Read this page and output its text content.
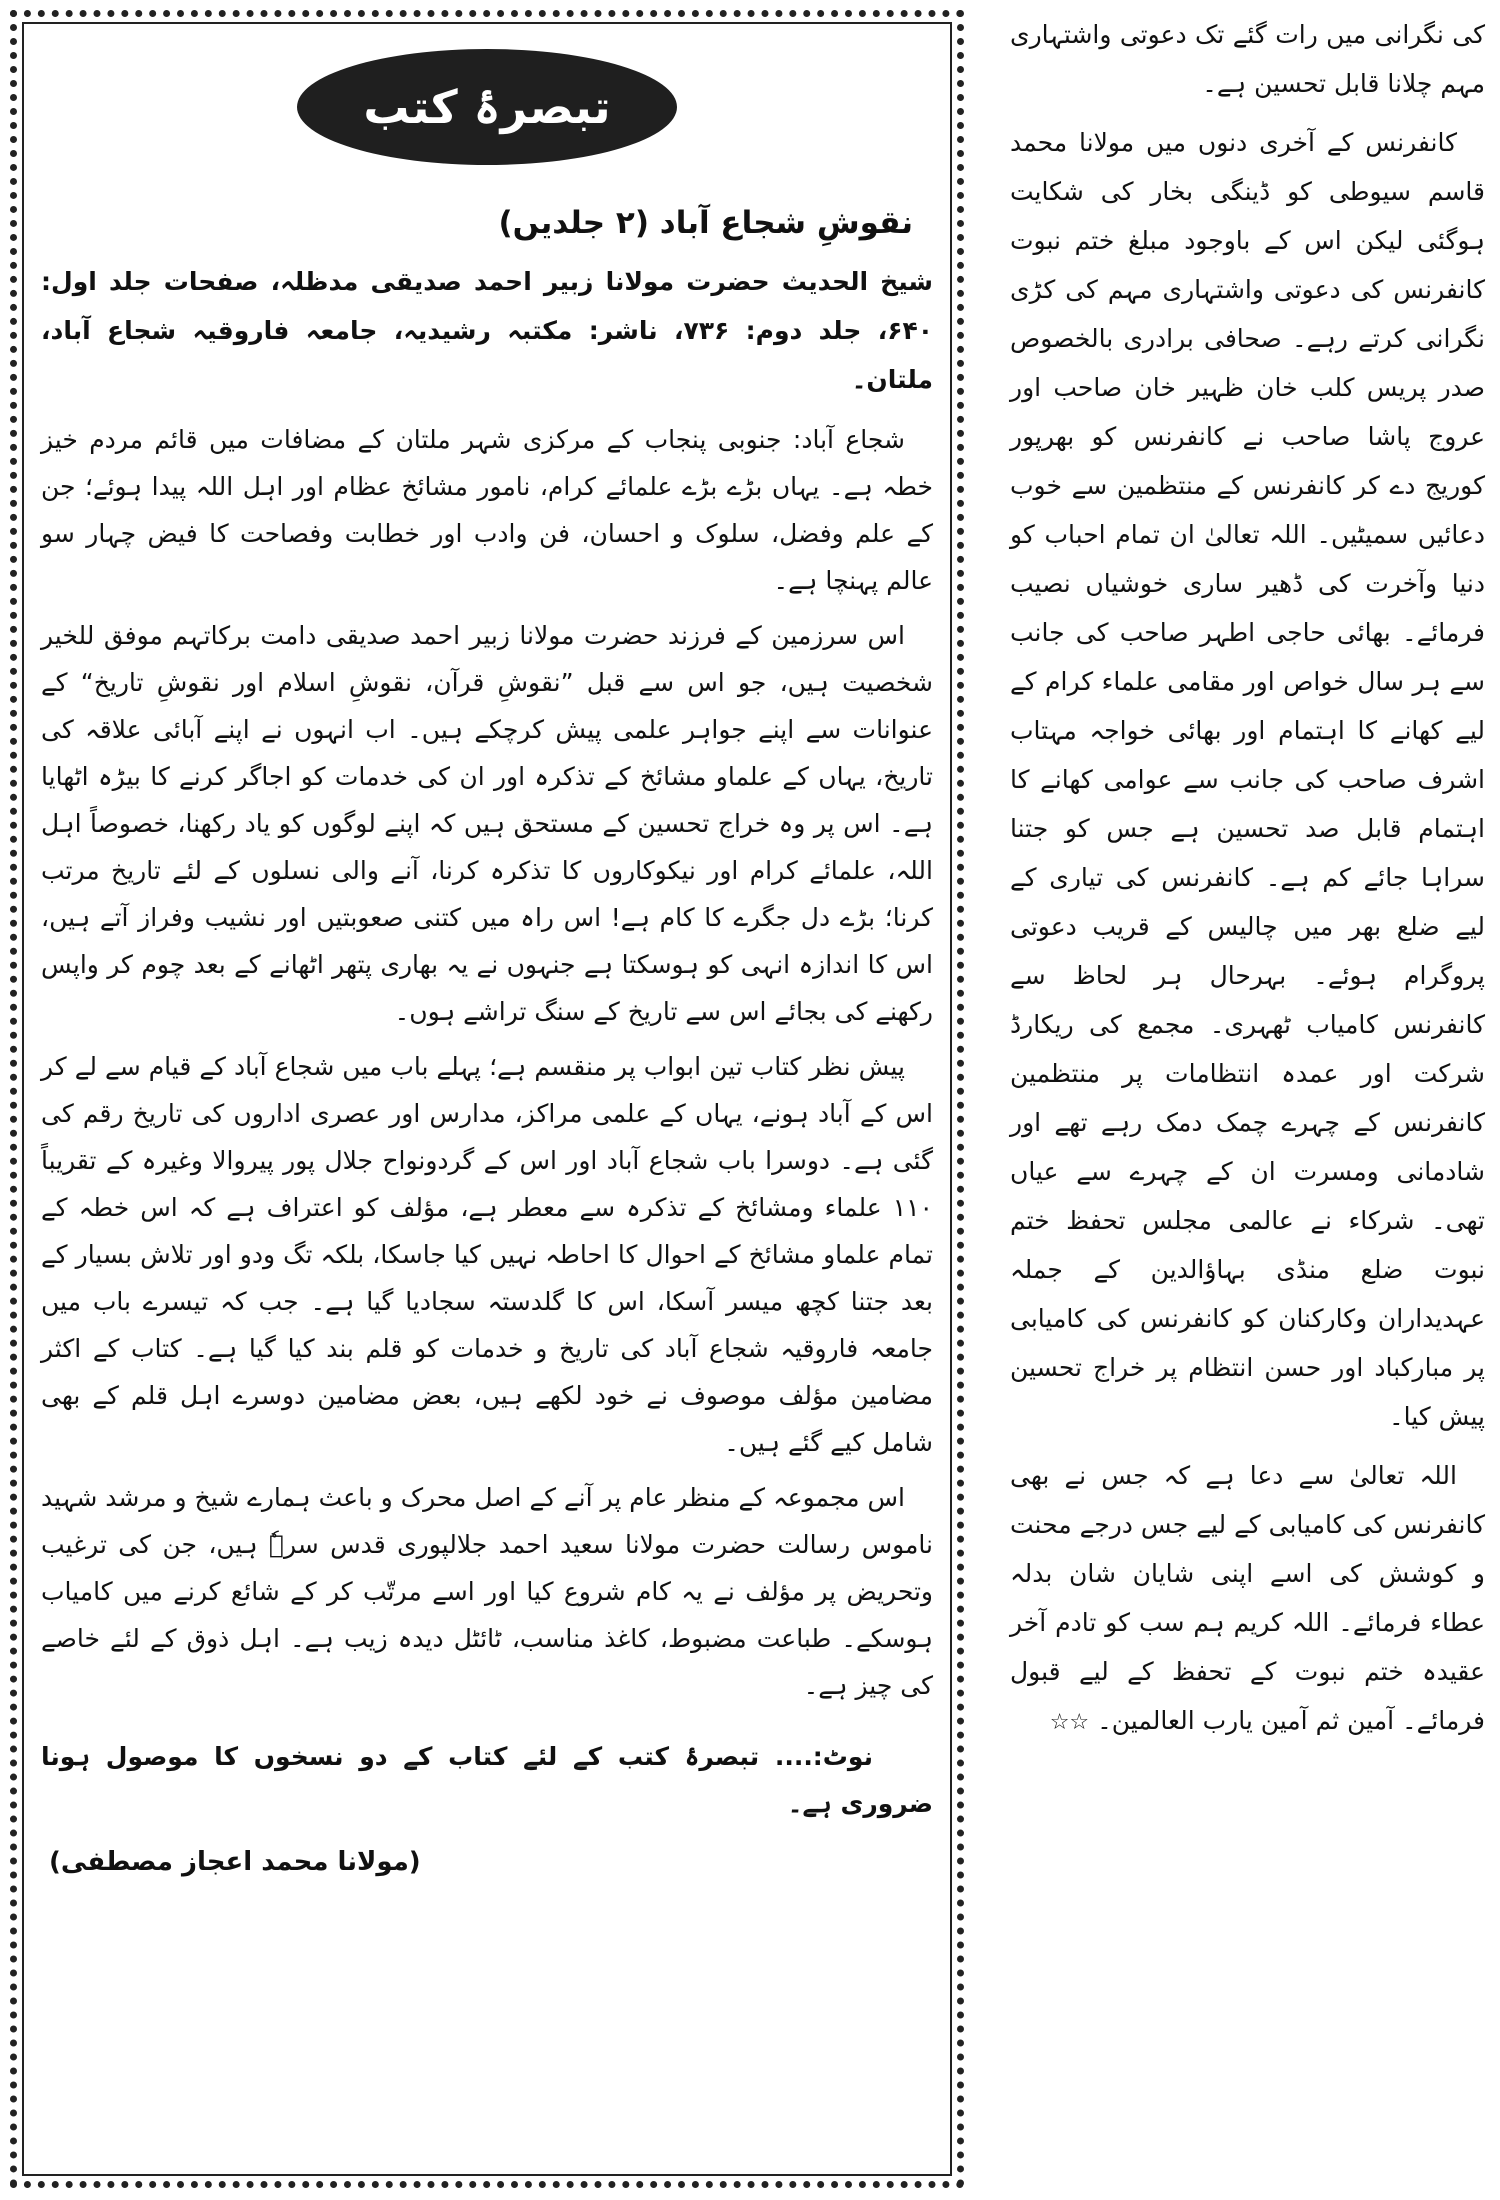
تبصرۂ کتب
نقوشِ شجاع آباد (۲ جلدیں)
شیخ الحدیث حضرت مولانا زبیر احمد صدیقی مدظلہ، صفحات جلد اول: ۶۴۰، جلد دوم: ۷۳۶، ناشر: مکتبہ رشیدیہ، جامعہ فاروقیہ شجاع آباد، ملتان۔

شجاع آباد: جنوبی پنجاب کے مرکزی شہر ملتان کے مضافات میں قائم مردم خیز خطہ ہے۔ یہاں بڑے بڑے علمائے کرام، نامور مشائخ عظام اور اہل اللہ پیدا ہوئے؛ جن کے علم وفضل، سلوک و احسان، فن وادب اور خطابت وفصاحت کا فیض چہار سو عالم پہنچا ہے۔

اس سرزمین کے فرزند حضرت مولانا زبیر احمد صدیقی دامت برکاتہم موفق للخیر شخصیت ہیں، جو اس سے قبل ”نقوشِ قرآن، نقوشِ اسلام اور نقوشِ تاریخ“ کے عنوانات سے اپنے جواہر علمی پیش کرچکے ہیں۔ اب انہوں نے اپنے آبائی علاقہ کی تاریخ، یہاں کے علماو مشائخ کے تذکرہ اور ان کی خدمات کو اجاگر کرنے کا بیڑہ اٹھایا ہے۔ اس پر وہ خراج تحسین کے مستحق ہیں کہ اپنے لوگوں کو یاد رکھنا، خصوصاً اہل اللہ، علمائے کرام اور نیکوکاروں کا تذکرہ کرنا، آنے والی نسلوں کے لئے تاریخ مرتب کرنا؛ بڑے دل جگرے کا کام ہے! اس راہ میں کتنی صعوبتیں اور نشیب وفراز آتے ہیں، اس کا اندازہ انہی کو ہوسکتا ہے جنہوں نے یہ بھاری پتھر اٹھانے کے بعد چوم کر واپس رکھنے کی بجائے اس سے تاریخ کے سنگ تراشے ہوں۔

پیش نظر کتاب تین ابواب پر منقسم ہے؛ پہلے باب میں شجاع آباد کے قیام سے لے کر اس کے آباد ہونے، یہاں کے علمی مراکز، مدارس اور عصری اداروں کی تاریخ رقم کی گئی ہے۔ دوسرا باب شجاع آباد اور اس کے گردونواح جلال پور پیروالا وغیرہ کے تقریباً ۱۱۰ علماء ومشائخ کے تذکرہ سے معطر ہے، مؤلف کو اعتراف ہے کہ اس خطہ کے تمام علماو مشائخ کے احوال کا احاطہ نہیں کیا جاسکا، بلکہ تگ ودو اور تلاش بسیار کے بعد جتنا کچھ میسر آسکا، اس کا گلدستہ سجادیا گیا ہے۔ جب کہ تیسرے باب میں جامعہ فاروقیہ شجاع آباد کی تاریخ و خدمات کو قلم بند کیا گیا ہے۔ کتاب کے اکثر مضامین مؤلف موصوف نے خود لکھے ہیں، بعض مضامین دوسرے اہل قلم کے بھی شامل کیے گئے ہیں۔

اس مجموعہ کے منظر عام پر آنے کے اصل محرک و باعث ہمارے شیخ و مرشد شہید ناموس رسالت حضرت مولانا سعید احمد جلالپوری قدس سرہٗ ہیں، جن کی ترغیب وتحریض پر مؤلف نے یہ کام شروع کیا اور اسے مرتّب کر کے شائع کرنے میں کامیاب ہوسکے۔ طباعت مضبوط، کاغذ مناسب، ٹائٹل دیدہ زیب ہے۔ اہل ذوق کے لئے خاصے کی چیز ہے۔

نوٹ:.... تبصرۂ کتب کے لئے کتاب کے دو نسخوں کا موصول ہونا ضروری ہے۔

(مولانا محمد اعجاز مصطفی)

کی نگرانی میں رات گئے تک دعوتی واشتہاری مہم چلانا قابل تحسین ہے۔

کانفرنس کے آخری دنوں میں مولانا محمد قاسم سیوطی کو ڈینگی بخار کی شکایت ہوگئی لیکن اس کے باوجود مبلغ ختم نبوت کانفرنس کی دعوتی واشتہاری مہم کی کڑی نگرانی کرتے رہے۔ صحافی برادری بالخصوص صدر پریس کلب خان ظہیر خان صاحب اور عروج پاشا صاحب نے کانفرنس کو بھرپور کوریج دے کر کانفرنس کے منتظمین سے خوب دعائیں سمیٹیں۔ اللہ تعالیٰ ان تمام احباب کو دنیا وآخرت کی ڈھیر ساری خوشیاں نصیب فرمائے۔ بھائی حاجی اطہر صاحب کی جانب سے ہر سال خواص اور مقامی علماء کرام کے لیے کھانے کا اہتمام اور بھائی خواجہ مہتاب اشرف صاحب کی جانب سے عوامی کھانے کا اہتمام قابل صد تحسین ہے جس کو جتنا سراہا جائے کم ہے۔ کانفرنس کی تیاری کے لیے ضلع بھر میں چالیس کے قریب دعوتی پروگرام ہوئے۔ بہرحال ہر لحاظ سے کانفرنس کامیاب ٹھہری۔ مجمع کی ریکارڈ شرکت اور عمدہ انتظامات پر منتظمین کانفرنس کے چہرے چمک دمک رہے تھے اور شادمانی ومسرت ان کے چہرے سے عیاں تھی۔ شرکاء نے عالمی مجلس تحفظ ختم نبوت ضلع منڈی بہاؤالدین کے جملہ عہدیداران وکارکنان کو کانفرنس کی کامیابی پر مبارکباد اور حسن انتظام پر خراج تحسین پیش کیا۔

اللہ تعالیٰ سے دعا ہے کہ جس نے بھی کانفرنس کی کامیابی کے لیے جس درجے محنت و کوشش کی اسے اپنی شایان شان بدلہ عطاء فرمائے۔ اللہ کریم ہم سب کو تادم آخر عقیدہ ختم نبوت کے تحفظ کے لیے قبول فرمائے۔ آمین ثم آمین یارب العالمین۔ ☆☆
